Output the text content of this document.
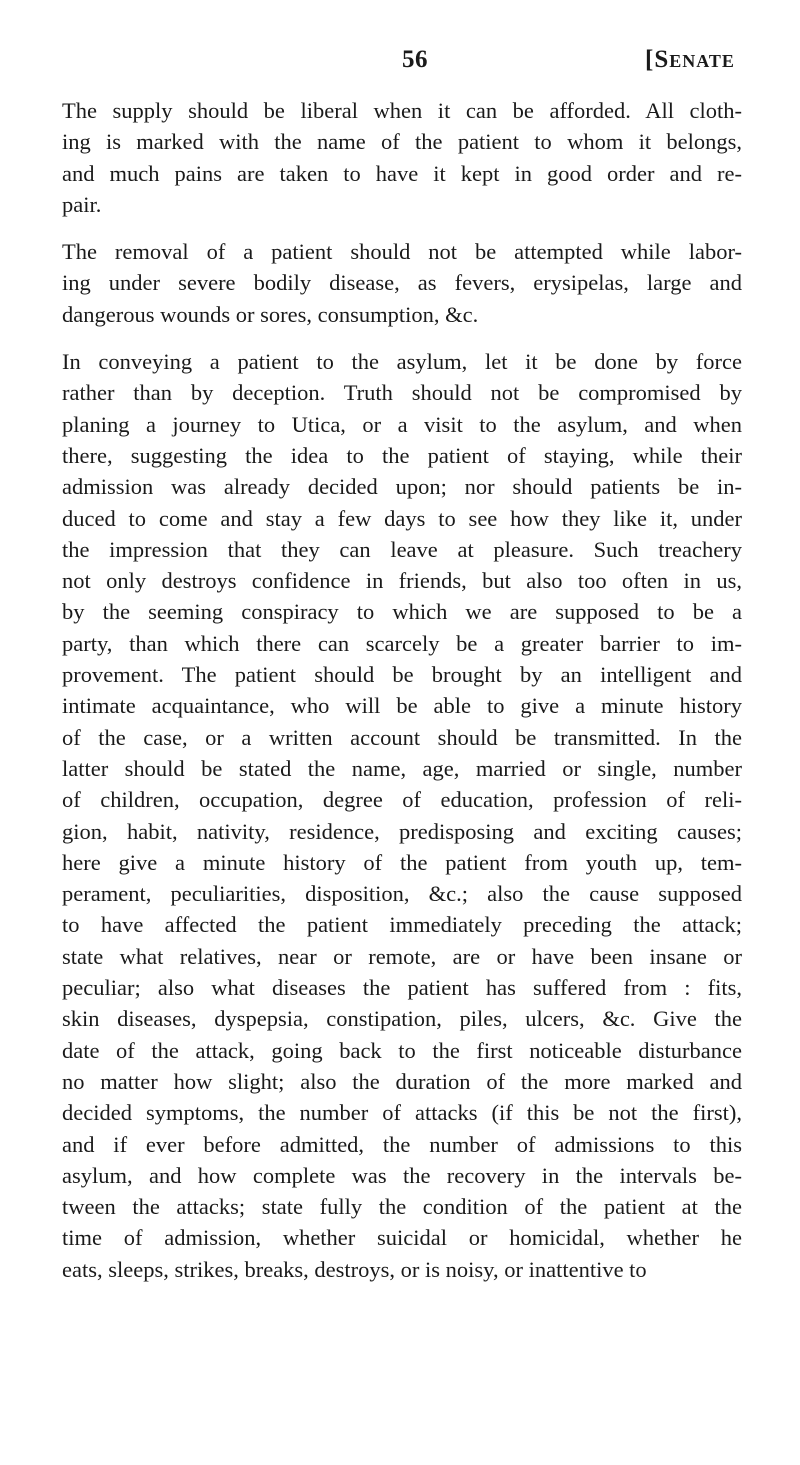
56	[Senate
The supply should be liberal when it can be afforded. All cloth-
ing is marked with the name of the patient to whom it belongs,
and much pains are taken to have it kept in good order and re-
pair.
The removal of a patient should not be attempted while labor-
ing under severe bodily disease, as fevers, erysipelas, large and
dangerous wounds or sores, consumption, &c.
In conveying a patient to the asylum, let it be done by force
rather than by deception. Truth should not be compromised by
planing a journey to Utica, or a visit to the asylum, and when
there, suggesting the idea to the patient of staying, while their
admission was already decided upon; nor should patients be in-
duced to come and stay a few days to see how they like it, under
the impression that they can leave at pleasure. Such treachery
not only destroys confidence in friends, but also too often in us,
by the seeming conspiracy to which we are supposed to be a
party, than which there can scarcely be a greater barrier to im-
provement. The patient should be brought by an intelligent and
intimate acquaintance, who will be able to give a minute history
of the case, or a written account should be transmitted. In the
latter should be stated the name, age, married or single, number
of children, occupation, degree of education, profession of reli-
gion, habit, nativity, residence, predisposing and exciting causes;
here give a minute history of the patient from youth up, tem-
perament, peculiarities, disposition, &c.; also the cause supposed
to have affected the patient immediately preceding the attack;
state what relatives, near or remote, are or have been insane or
peculiar; also what diseases the patient has suffered from : fits,
skin diseases, dyspepsia, constipation, piles, ulcers, &c. Give the
date of the attack, going back to the first noticeable disturbance
no matter how slight; also the duration of the more marked and
decided symptoms, the number of attacks (if this be not the first),
and if ever before admitted, the number of admissions to this
asylum, and how complete was the recovery in the intervals be-
tween the attacks; state fully the condition of the patient at the
time of admission, whether suicidal or homicidal, whether he
eats, sleeps, strikes, breaks, destroys, or is noisy, or inattentive to
